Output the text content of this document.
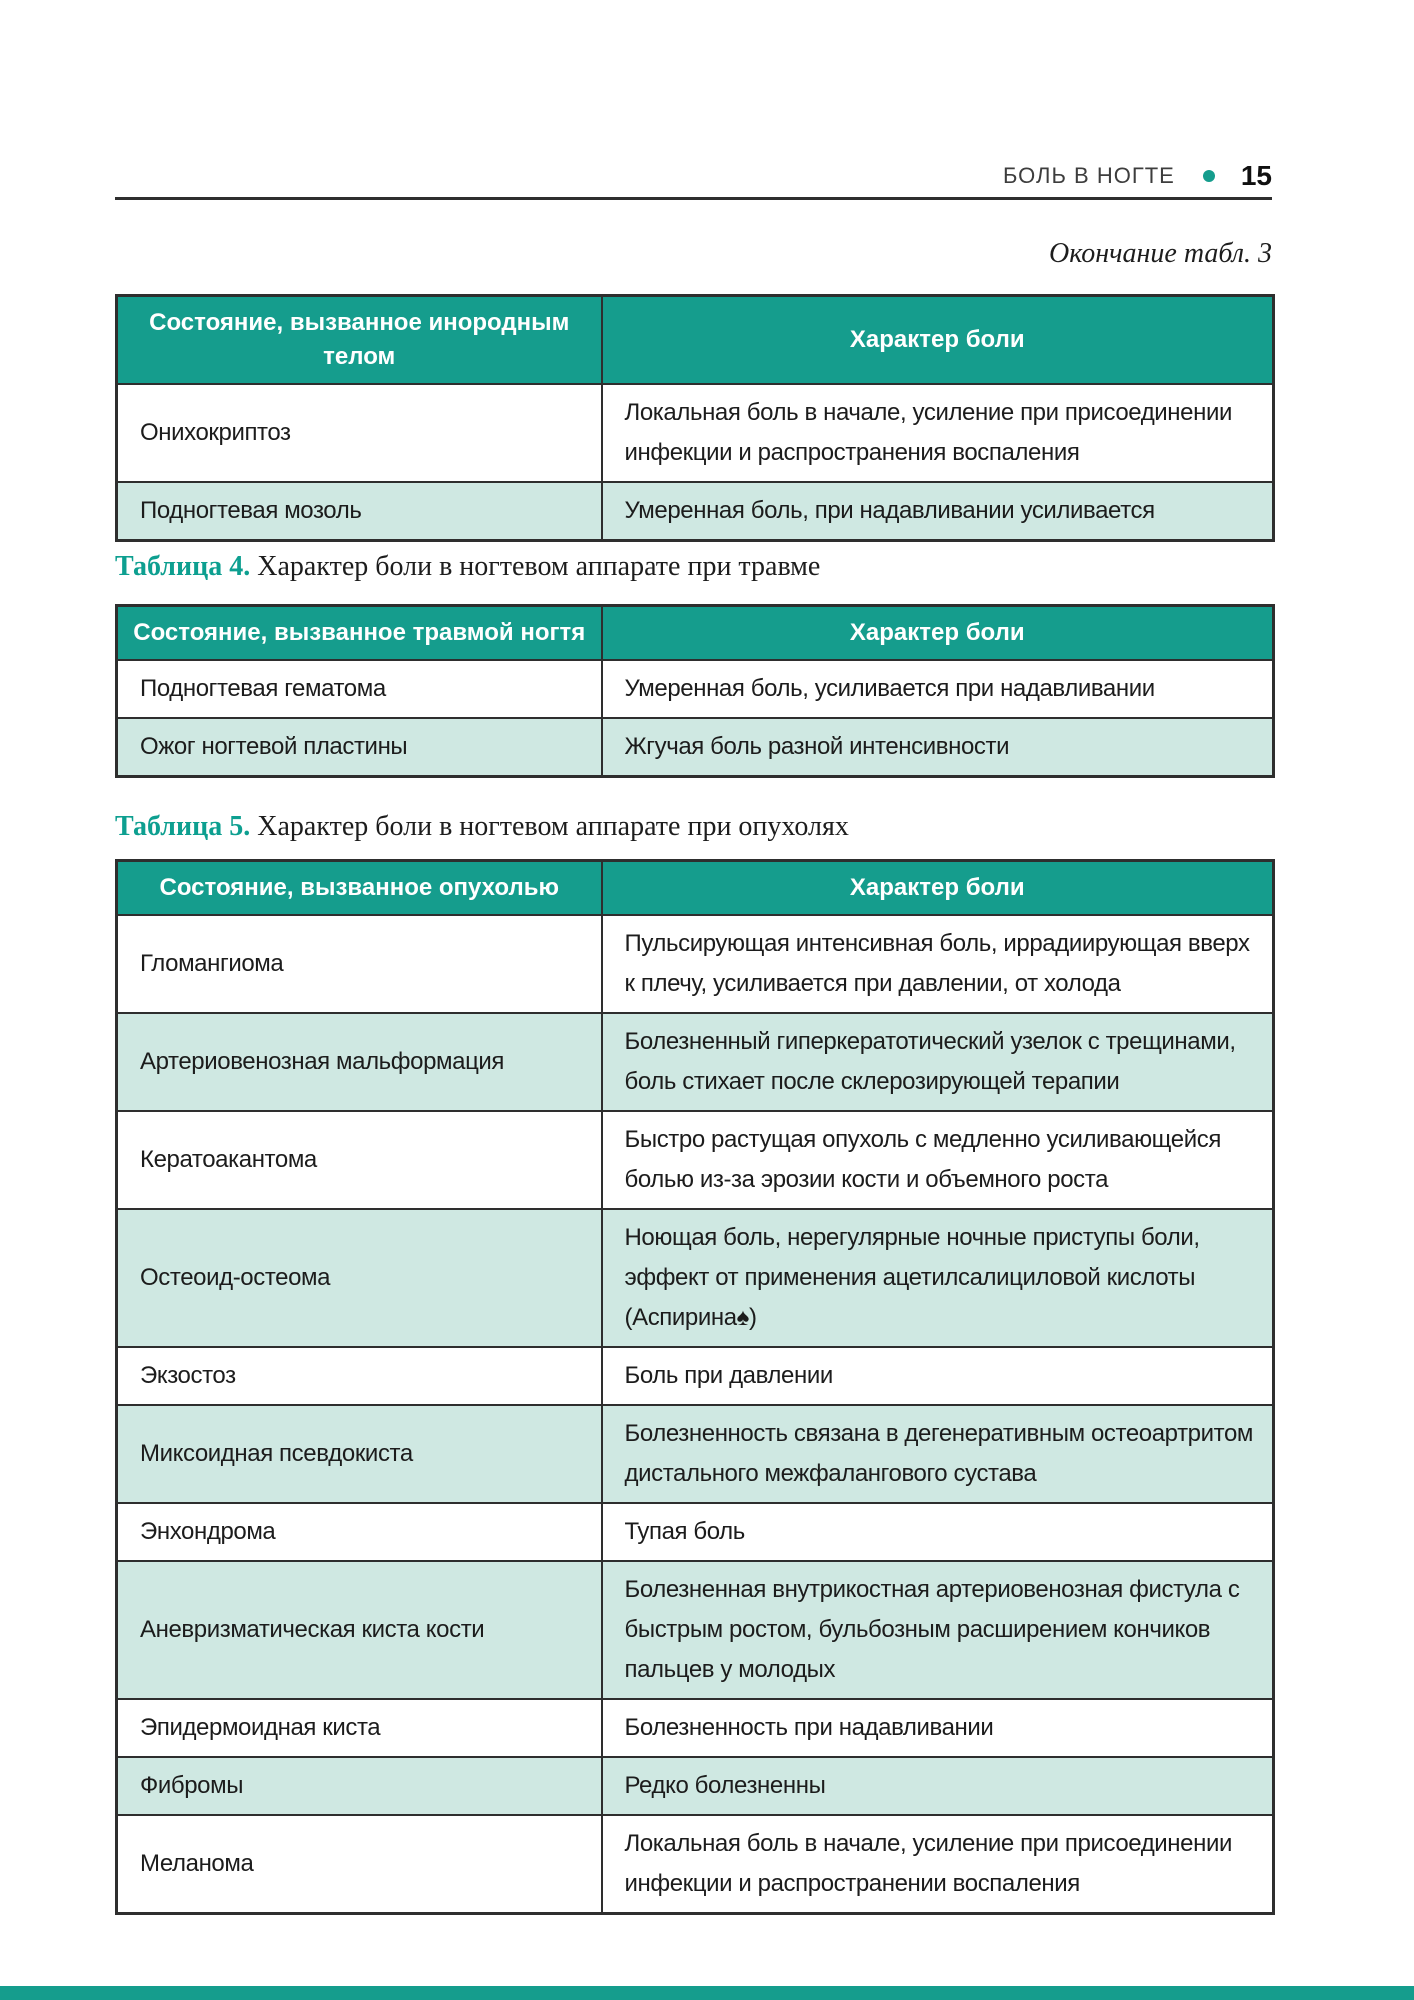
БОЛЬ В НОГТЕ 15
Окончание табл. 3
Состояние, вызванное инородным телом	Характер боли
Онихокриптоз	Локальная боль в начале, усиление при присоединении инфекции и распространения воспаления
Подногтевая мозоль	Умеренная боль, при надавливании усиливается
Таблица 4. Характер боли в ногтевом аппарате при травме
Состояние, вызванное травмой ногтя	Характер боли
Подногтевая гематома	Умеренная боль, усиливается при надавливании
Ожог ногтевой пластины	Жгучая боль разной интенсивности
Таблица 5. Характер боли в ногтевом аппарате при опухолях
Состояние, вызванное опухолью	Характер боли
Гломангиома	Пульсирующая интенсивная боль, иррадиирующая вверх к плечу, усиливается при давлении, от холода
Артериовенозная мальформация	Болезненный гиперкератотический узелок с трещинами, боль стихает после склерозирующей терапии
Кератоакантома	Быстро растущая опухоль с медленно усиливающейся болью из-за эрозии кости и объемного роста
Остеоид-остеома	Ноющая боль, нерегулярные ночные приступы боли, эффект от применения ацетилсалициловой кислоты (Аспирина♠)
Экзостоз	Боль при давлении
Миксоидная псевдокиста	Болезненность связана в дегенеративным остеоартритом дистального межфалангового сустава
Энхондрома	Тупая боль
Аневризматическая киста кости	Болезненная внутрикостная артериовенозная фистула с быстрым ростом, бульбозным расширением кончиков пальцев у молодых
Эпидермоидная киста	Болезненность при надавливании
Фибромы	Редко болезненны
Меланома	Локальная боль в начале, усиление при присоединении инфекции и распространении воспаления
